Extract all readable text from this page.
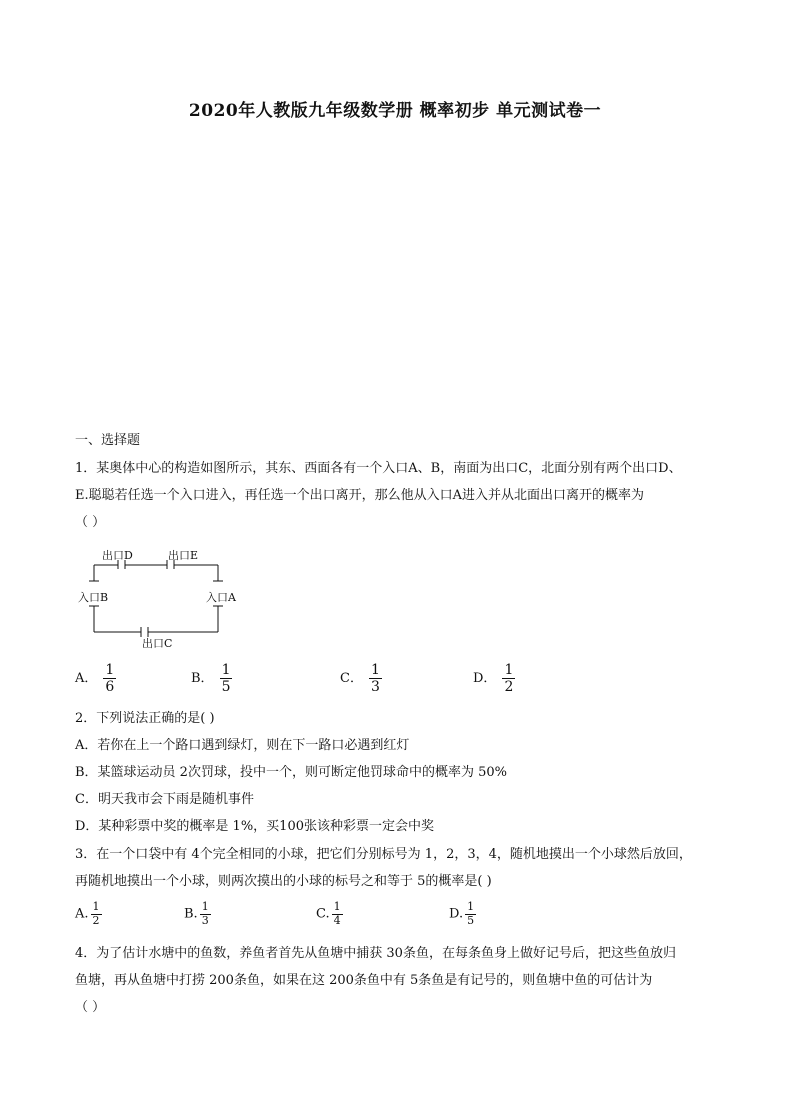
2020年人教版九年级数学册 概率初步 单元测试卷一
一、选择题
1．某奥体中心的构造如图所示，其东、西面各有一个入口A、B，南面为出口C，北面分别有两个出口D、
E.聪聪若任选一个入口进入，再任选一个出口离开，那么他从入口A进入并从北面出口离开的概率为
（ ）
出口D	出口E
入口B	入口A
出口C
A． $\frac{1}{6}$	B． $\frac{1}{5}$	C． $\frac{1}{3}$	D． $\frac{1}{2}$
2．下列说法正确的是( )
A．若你在上一个路口遇到绿灯，则在下一路口必遇到红灯
B．某篮球运动员 2次罚球，投中一个，则可断定他罚球命中的概率为 50%
C．明天我市会下雨是随机事件
D．某种彩票中奖的概率是 1%，买100张该种彩票一定会中奖
3．在一个口袋中有 4个完全相同的小球，把它们分别标号为 1，2，3，4，随机地摸出一个小球然后放回，
再随机地摸出一个小球，则两次摸出的小球的标号之和等于 5的概率是( )
A. $\frac{1}{2}$	B. $\frac{1}{3}$	C. $\frac{1}{4}$	D. $\frac{1}{5}$
4．为了估计水塘中的鱼数，养鱼者首先从鱼塘中捕获 30条鱼，在每条鱼身上做好记号后，把这些鱼放归
鱼塘，再从鱼塘中打捞 200条鱼，如果在这 200条鱼中有 5条鱼是有记号的，则鱼塘中鱼的可估计为
（ ）
